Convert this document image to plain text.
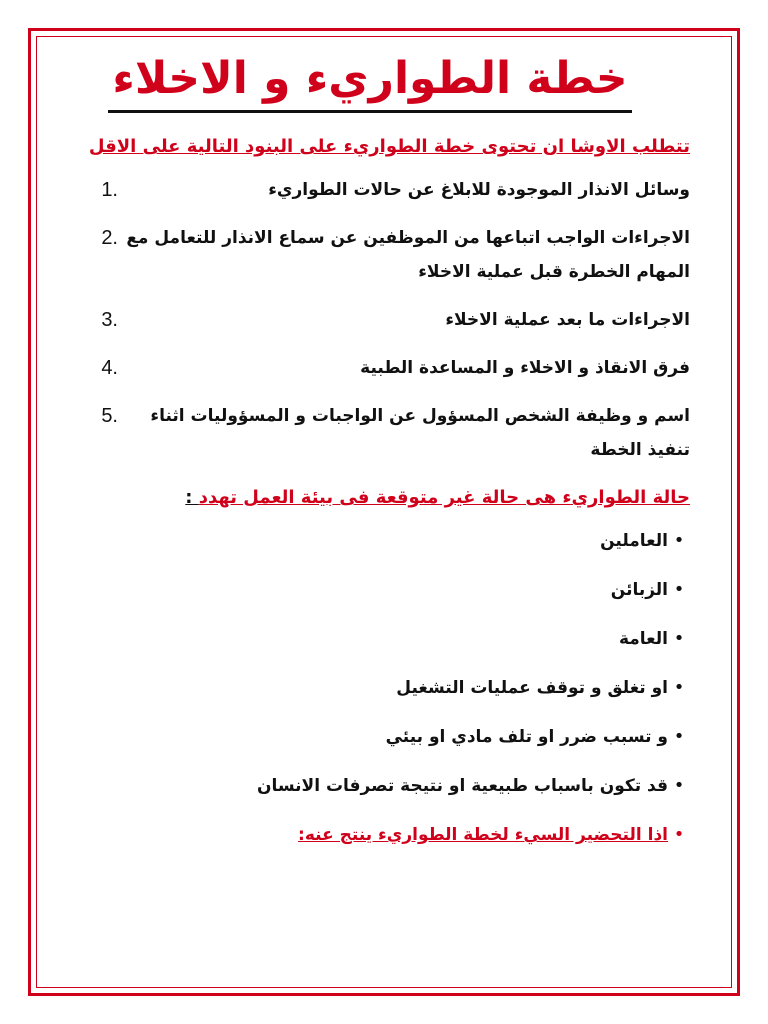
خطة الطواريء و الاخلاء
تتطلب الاوشا ان تحتوى خطة الطواريء على البنود التالية على الاقل
وسائل الانذار الموجودة للابلاغ عن حالات الطواريء
1.
الاجراءات الواجب اتباعها من الموظفين عن سماع الانذار للتعامل مع المهام الخطرة قبل عملية الاخلاء
2.
الاجراءات ما بعد عملية الاخلاء
3.
فرق الانقاذ و الاخلاء و المساعدة الطبية
4.
اسم و وظيفة الشخص المسؤول عن الواجبات و المسؤوليات اثناء تنفيذ الخطة
5.
حالة الطواريء هى حالة غير متوقعة فى بيئة العمل تهدد :
•
العاملين
•
الزبائن
•
العامة
•
او تغلق و توقف عمليات التشغيل
•
و تسبب ضرر او تلف مادي او بيئي
•
قد تكون باسباب طبيعية او نتيجة تصرفات الانسان
•
اذا التحضير السيء لخطة الطواريء ينتج عنه:
